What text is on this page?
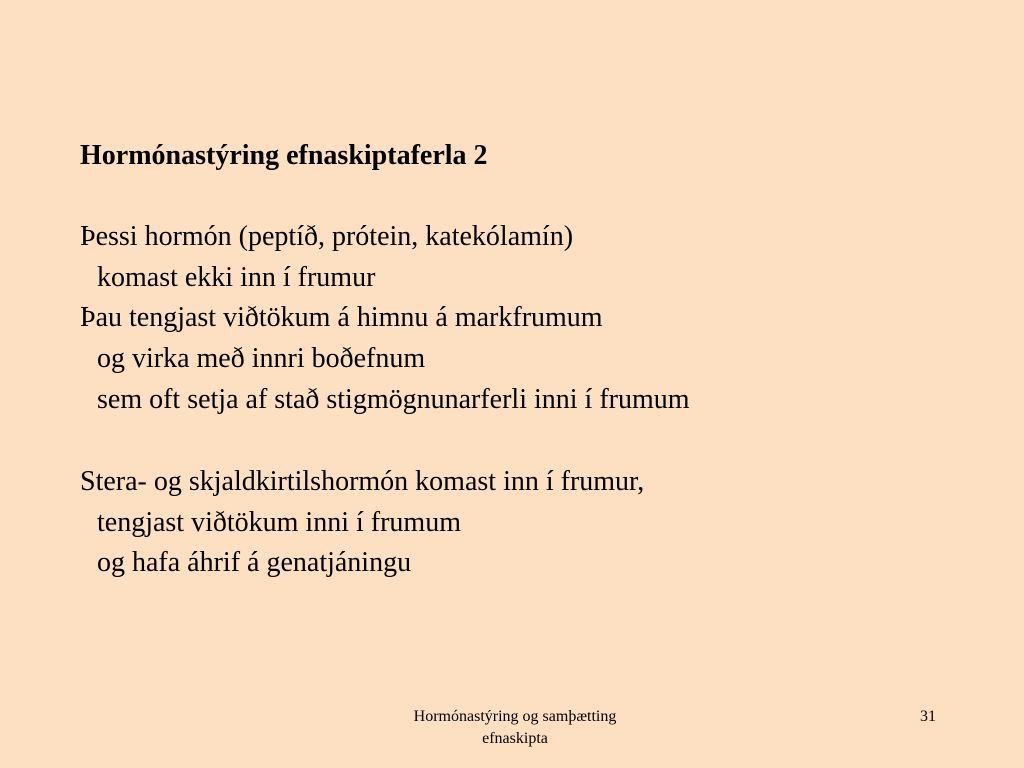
Hormónastýring efnaskiptaferla 2
Þessi hormón (peptíð, prótein, katekólamín)
komast ekki inn í frumur
Þau tengjast viðtökum á himnu á markfrumum
og virka með innri boðefnum
sem oft setja af stað stigmögnunarferli inni í frumum
Stera- og skjaldkirtilshormón komast inn í frumur,
tengjast viðtökum inni í frumum
og hafa áhrif á genatjáningu
Hormónastýring og samþætting
efnaskipta
31
